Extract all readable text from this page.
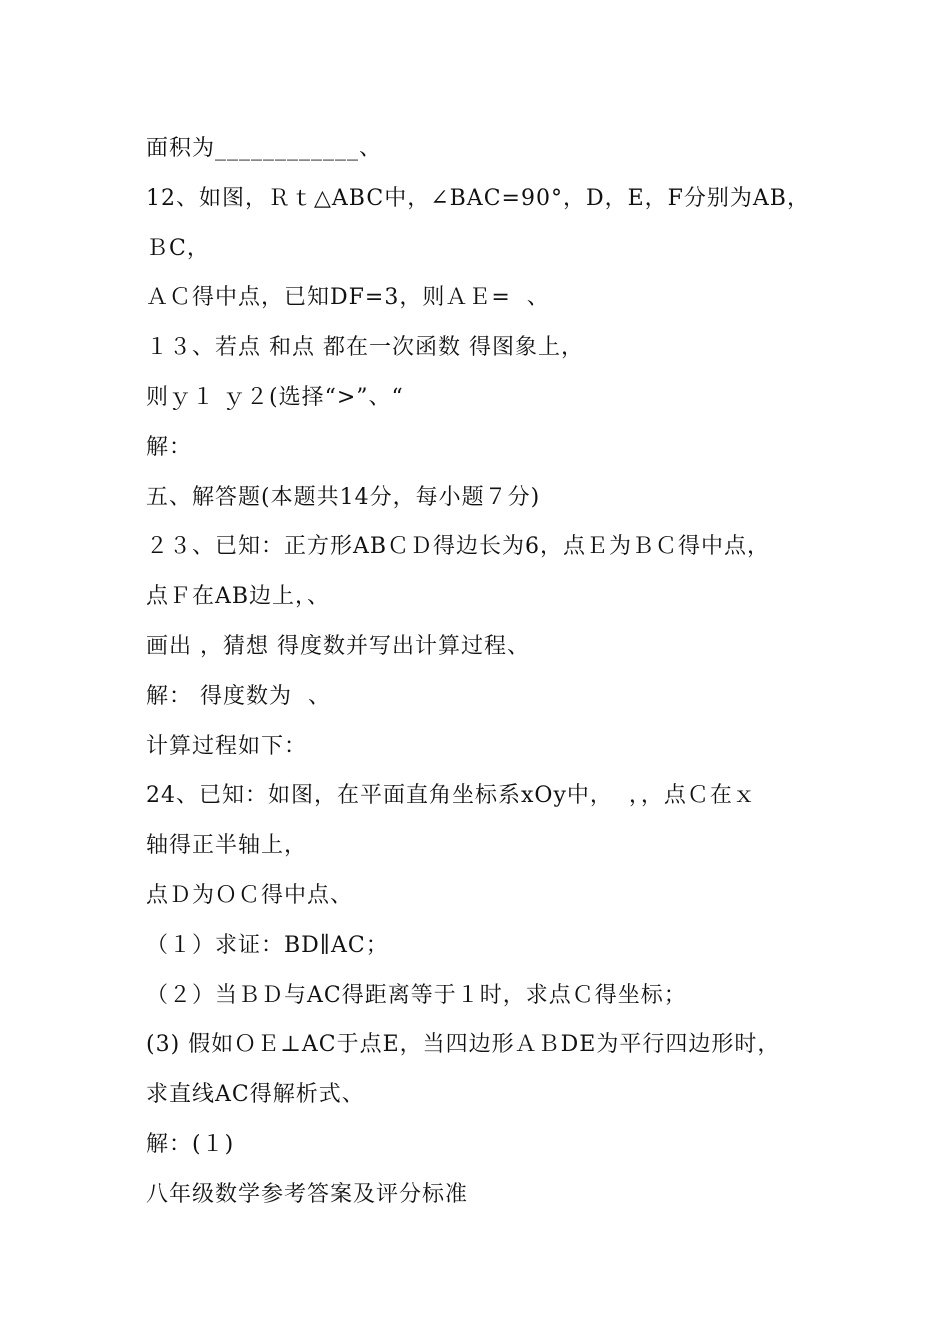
面积为____________、
12、如图，Ｒｔ△ABC中，∠BAC=90°，D，E，F分别为AB，
ＢC，
ＡＣ得中点，已知DF=3，则ＡＥ=  、
１３、若点 和点 都在一次函数 得图象上，
则ｙ１ ｙ２(选择“>”、“
解：
五、解答题(本题共14分，每小题７分)
２３、已知：正方形ABＣＤ得边长为6，点Ｅ为ＢＣ得中点，
点Ｆ在AB边上，、
画出 ，猜想 得度数并写出计算过程、
解： 得度数为  、
计算过程如下：
24、已知：如图，在平面直角坐标系xOy中，  ，，点Ｃ在ｘ
轴得正半轴上，
点Ｄ为ＯＣ得中点、
（１）求证：BD∥AC；
（２）当ＢＤ与AC得距离等于１时，求点Ｃ得坐标；
(3) 假如ＯＥ⊥AC于点E，当四边形ＡＢDE为平行四边形时，
求直线AC得解析式、
解：(１)
八年级数学参考答案及评分标准
